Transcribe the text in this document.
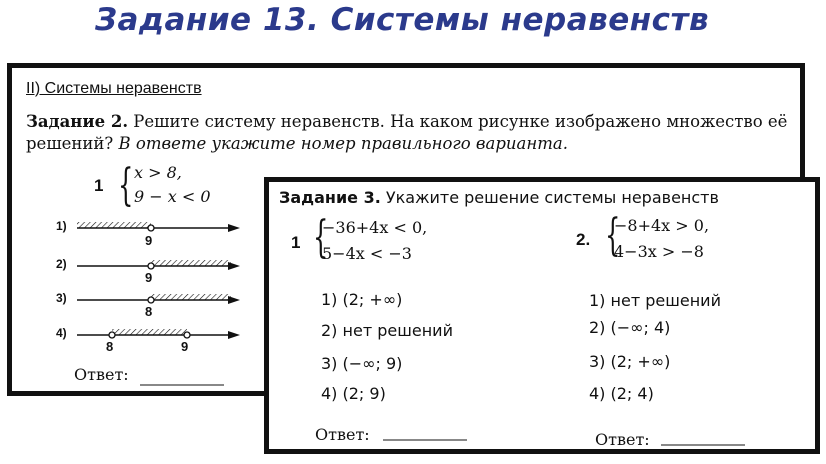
Задание 13. Системы неравенств
II) Системы неравенств
Задание 2. Решите систему неравенств. На каком рисунке изображено множество её решений? В ответе укажите номер правильного варианта.
1 { x > 8,
9 − x < 0
1)
9
2)
9
3)
8
4)
8	9
Ответ:
Задание 3. Укажите решение системы неравенств
1 {
−36+4x < 0,
5−4x < −3
2. {
−8+4x > 0,
4−3x > −8
1) (2; +∞)
2) нет решений
3) (−∞; 9)
4) (2; 9)
1) нет решений
2) (−∞; 4)
3) (2; +∞)
4) (2; 4)
Ответ:	Ответ:
